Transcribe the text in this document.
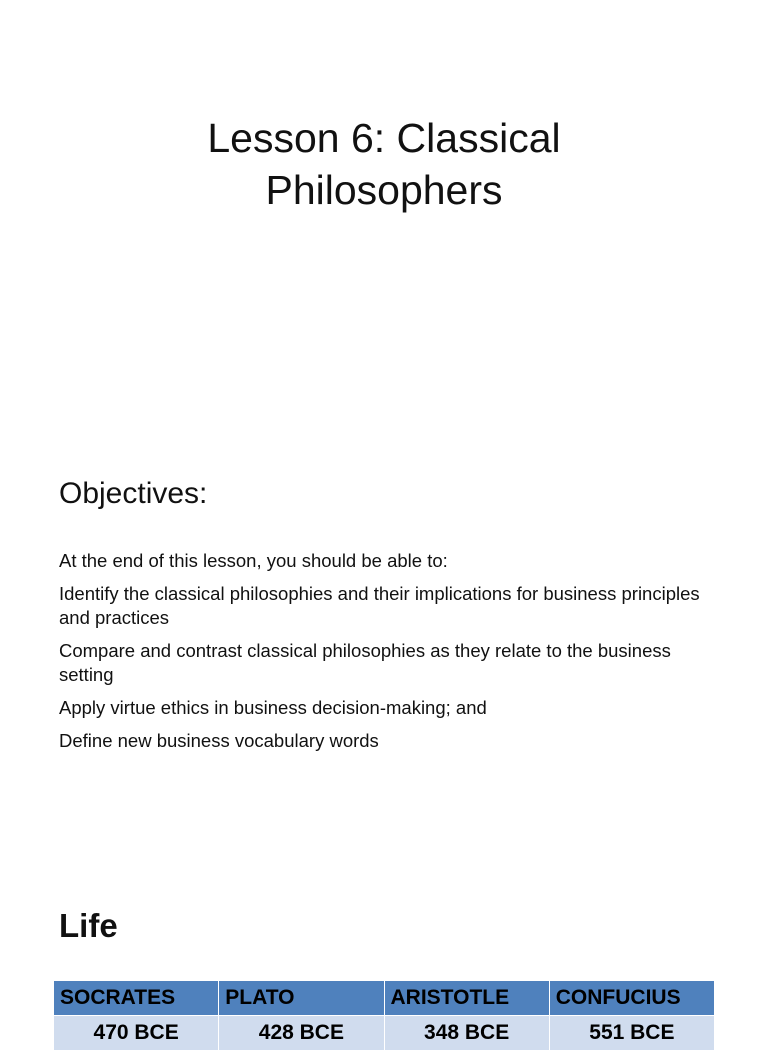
Lesson 6: Classical
Philosophers
Objectives:
At the end of this lesson, you should be able to:
Identify the classical philosophies and their implications for business principles and practices
Compare and contrast classical philosophies as they relate to the business setting
Apply virtue ethics in business decision-making; and
Define new business vocabulary words
Life
SOCRATES	PLATO	ARISTOTLE	CONFUCIUS
470 BCE	428 BCE	348 BCE	551 BCE
